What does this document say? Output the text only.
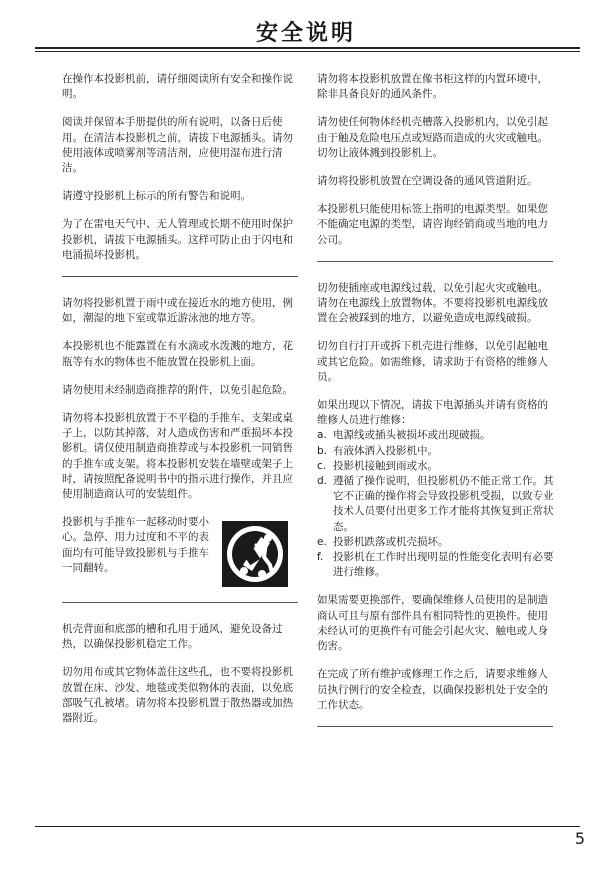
安全说明

在操作本投影机前，请仔细阅读所有安全和操作说明。

阅读并保留本手册提供的所有说明，以备日后使用。在清洁本投影机之前，请拔下电源插头。请勿使用液体或喷雾剂等清洁剂，应使用湿布进行清洁。

请遵守投影机上标示的所有警告和说明。

为了在雷电天气中、无人管理或长期不使用时保护投影机，请拔下电源插头。这样可防止由于闪电和电涌损坏投影机。

请勿将投影机置于雨中或在接近水的地方使用，例如，潮湿的地下室或靠近游泳池的地方等。

本投影机也不能露置在有水滴或水泼溅的地方，花瓶等有水的物体也不能放置在投影机上面。

请勿使用未经制造商推荐的附件，以免引起危险。

请勿将本投影机放置于不平稳的手推车、支架或桌子上，以防其掉落，对人造成伤害和严重损坏本投影机。请仅使用制造商推荐或与本投影机一同销售的手推车或支架。将本投影机安装在墙壁或架子上时，请按照配备说明书中的指示进行操作，并且应使用制造商认可的安装组件。

投影机与手推车一起移动时要小心。急停、用力过度和不平的表面均有可能导致投影机与手推车一同翻转。

机壳背面和底部的槽和孔用于通风，避免设备过热，以确保投影机稳定工作。

切勿用布或其它物体盖住这些孔，也不要将投影机放置在床、沙发、地毯或类似物体的表面，以免底部吸气孔被堵。请勿将本投影机置于散热器或加热器附近。

请勿将本投影机放置在像书柜这样的内置环境中，除非具备良好的通风条件。

请勿使任何物体经机壳槽落入投影机内，以免引起由于触及危险电压点或短路而造成的火灾或触电。切勿让液体溅到投影机上。

请勿将投影机放置在空调设备的通风管道附近。

本投影机只能使用标签上指明的电源类型。如果您不能确定电源的类型，请咨询经销商或当地的电力公司。

切勿使插座或电源线过载，以免引起火灾或触电。请勿在电源线上放置物体。不要将投影机电源线放置在会被踩到的地方，以避免造成电源线破损。

切勿自行打开或拆下机壳进行维修，以免引起触电或其它危险。如需维修，请求助于有资格的维修人员。

如果出现以下情况，请拔下电源插头并请有资格的维修人员进行维修：

a. 电源线或插头被损坏或出现破损。
b. 有液体洒入投影机中。
c. 投影机接触到雨或水。
d. 遵循了操作说明，但投影机仍不能正常工作。其它不正确的操作将会导致投影机受损，以致专业技术人员要付出更多工作才能将其恢复到正常状态。
e. 投影机跌落或机壳损坏。
f. 投影机在工作时出现明显的性能变化表明有必要进行维修。

如果需要更换部件，要确保维修人员使用的是制造商认可且与原有部件具有相同特性的更换件。使用未经认可的更换件有可能会引起火灾、触电或人身伤害。

在完成了所有维护或修理工作之后，请要求维修人员执行例行的安全检查，以确保投影机处于安全的工作状态。

5
